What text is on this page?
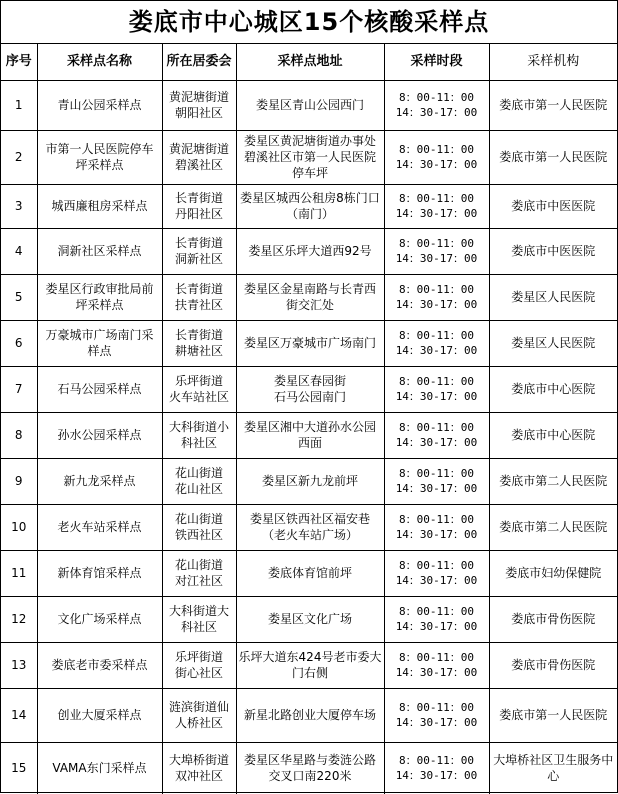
娄底市中心城区15个核酸采样点
序号	采样点名称	所在居委会	采样点地址	采样时段	采样机构
1	青山公园采样点	黄泥塘街道
朝阳社区	娄星区青山公园西门	8：00-11：00
14：30-17：00	娄底市第一人民医院
2	市第一人民医院停车坪采样点	黄泥塘街道
碧溪社区	娄星区黄泥塘街道办事处碧溪社区市第一人民医院停车坪	8：00-11：00
14：30-17：00	娄底市第一人民医院
3	城西廉租房采样点	长青街道
丹阳社区	娄星区城西公租房8栋门口（南门）	8：00-11：00
14：30-17：00	娄底市中医医院
4	洞新社区采样点	长青街道
洞新社区	娄星区乐坪大道西92号	8：00-11：00
14：30-17：00	娄底市中医医院
5	娄星区行政审批局前坪采样点	长青街道
扶青社区	娄星区金星南路与长青西街交汇处	8：00-11：00
14：30-17：00	娄星区人民医院
6	万豪城市广场南门采样点	长青街道
耕塘社区	娄星区万豪城市广场南门	8：00-11：00
14：30-17：00	娄星区人民医院
7	石马公园采样点	乐坪街道
火车站社区	娄星区春园街
石马公园南门	8：00-11：00
14：30-17：00	娄底市中心医院
8	孙水公园采样点	大科街道小科社区	娄星区湘中大道孙水公园西面	8：00-11：00
14：30-17：00	娄底市中心医院
9	新九龙采样点	花山街道
花山社区	娄星区新九龙前坪	8：00-11：00
14：30-17：00	娄底市第二人民医院
10	老火车站采样点	花山街道
铁西社区	娄星区铁西社区福安巷（老火车站广场）	8：00-11：00
14：30-17：00	娄底市第二人民医院
11	新体育馆采样点	花山街道
对江社区	娄底体育馆前坪	8：00-11：00
14：30-17：00	娄底市妇幼保健院
12	文化广场采样点	大科街道大科社区	娄星区文化广场	8：00-11：00
14：30-17：00	娄底市骨伤医院
13	娄底老市委采样点	乐坪街道
街心社区	乐坪大道东424号老市委大门右侧	8：00-11：00
14：30-17：00	娄底市骨伤医院
14	创业大厦采样点	涟滨街道仙人桥社区	新星北路创业大厦停车场	8：00-11：00
14：30-17：00	娄底市第一人民医院
15	VAMA东门采样点	大埠桥街道
双冲社区	娄星区华星路与娄涟公路交叉口南220米	8：00-11：00
14：30-17：00	大埠桥社区卫生服务中心
